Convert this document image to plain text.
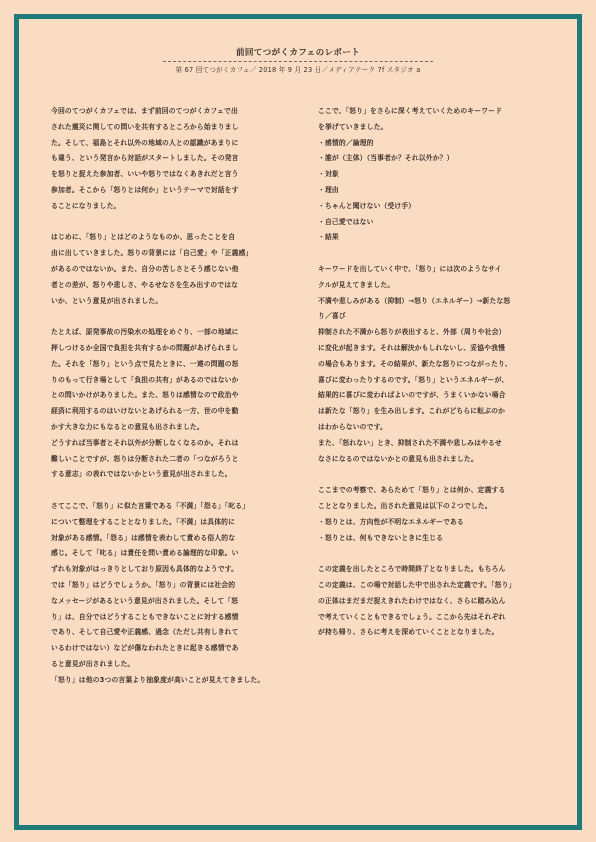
前回てつがくカフェのレポート
第 67 回てつがくカフェ／ 2018 年 9 月 23 日／メディアテーク 7f スタジオ a

今回のてつがくカフェでは、まず前回のてつがくカフェで出

された震災に関しての問いを共有するところから始まりまし

た。そして、福島とそれ以外の地域の人との認識があまりに

も違う、という発言から対話がスタートしました。その発言

を怒りと捉えた参加者、いいや怒りではなくあきれだと言う

参加者。そこから「怒りとは何か」というテーマで対話をす

ることになりました。

はじめに、「怒り」とはどのようなものか、思ったことを自

由に出していきました。怒りの背景には「自己愛」や「正義感」

があるのではないか。また、自分の苦しさとそう感じない他

者との差が、怒りや悲しさ、やるせなさを生み出すのではな

いか、という意見が出されました。

たとえば、原発事故の汚染水の処理をめぐり、一部の地域に

押しつけるか全国で負担を共有するかの問題があげられまし

た。それを「怒り」という点で見たときに、一連の問題の怒

りのもって行き場として「負担の共有」があるのではないか

との問いかけがありました。また、怒りは感情なので政治や

経済に利用するのはいけないとあげられる一方、世の中を動

かす大きな力にもなるとの意見も出されました。

どうすれば当事者とそれ以外が分断しなくなるのか。それは

難しいことですが、怒りは分断された二者の「つながろうと

する意志」の表れではないかという意見が出されました。

さてここで、「怒り」に似た言葉である「不満」「怨る」「叱る」

について整理をすることとなりました。「不満」は具体的に

対象がある感情。「怨る」は感情を表わして責める俗人的な

感じ。そして「叱る」は責任を問い責める論理的な印象。い

ずれも対象がはっきりとしており原因も具体的なようです。

では「怒り」はどうでしょうか。「怒り」の背景には社会的

なメッセージがあるという意見が出されました。そして「怒

り」は、自分ではどうすることもできないことに対する感情

であり、そして自己愛や正義感、過念（ただし共有しきれて

いるわけではない）などが傷なわれたときに起きる感情であ

ると意見が出されました。

「怒り」は他の3つの言葉より抽象度が高いことが見えてきました。

ここで、「怒り」をさらに深く考えていくためのキーワード

を挙げていきました。

・感情的／論理的

・誰が（主体）（当事者か？それ以外か？）

・対象

・理由

・ちゃんと聞けない（受け手）

・自己愛ではない

・結果

キーワードを出していく中で、「怒り」には次のようなサイ

クルが見えてきました。

不満や悲しみがある（抑制）→怒り（エネルギー）→新たな怒

り／喜び

抑制された不満から怒りが表出すると、外部（周りや社会）

に変化が起きます。それは解決かもしれないし、妥協や我慢

の場合もあります。その結果が、新たな怒りにつながったり、

喜びに変わったりするのです。「怒り」というエネルギーが、

結果的に喜びに変わればよいのですが、うまくいかない場合

は新たな「怒り」を生み出します。これがどちらに転ぶのか

はわからないのです。

また、「怒れない」とき、抑制された不満や悲しみはやるせ

なさになるのではないかとの意見も出されました。

ここまでの考察で、あらためて「怒り」とは何か、定義する

こととなりました。出された意見は以下の２つでした。

・怒りとは、方向性が不明なエネルギーである

・怒りとは、何もできないときに生じる

この定義を出したところで時間終了となりました。もちろん

この定義は、この場で対話した中で出された定義です。「怒り」

の正体はまだまだ捉えきれたわけではなく、さらに踏み込ん

で考えていくこともできるでしょう。ここから先はそれぞれ

が持ち帰り、さらに考えを深めていくこととなりました。
